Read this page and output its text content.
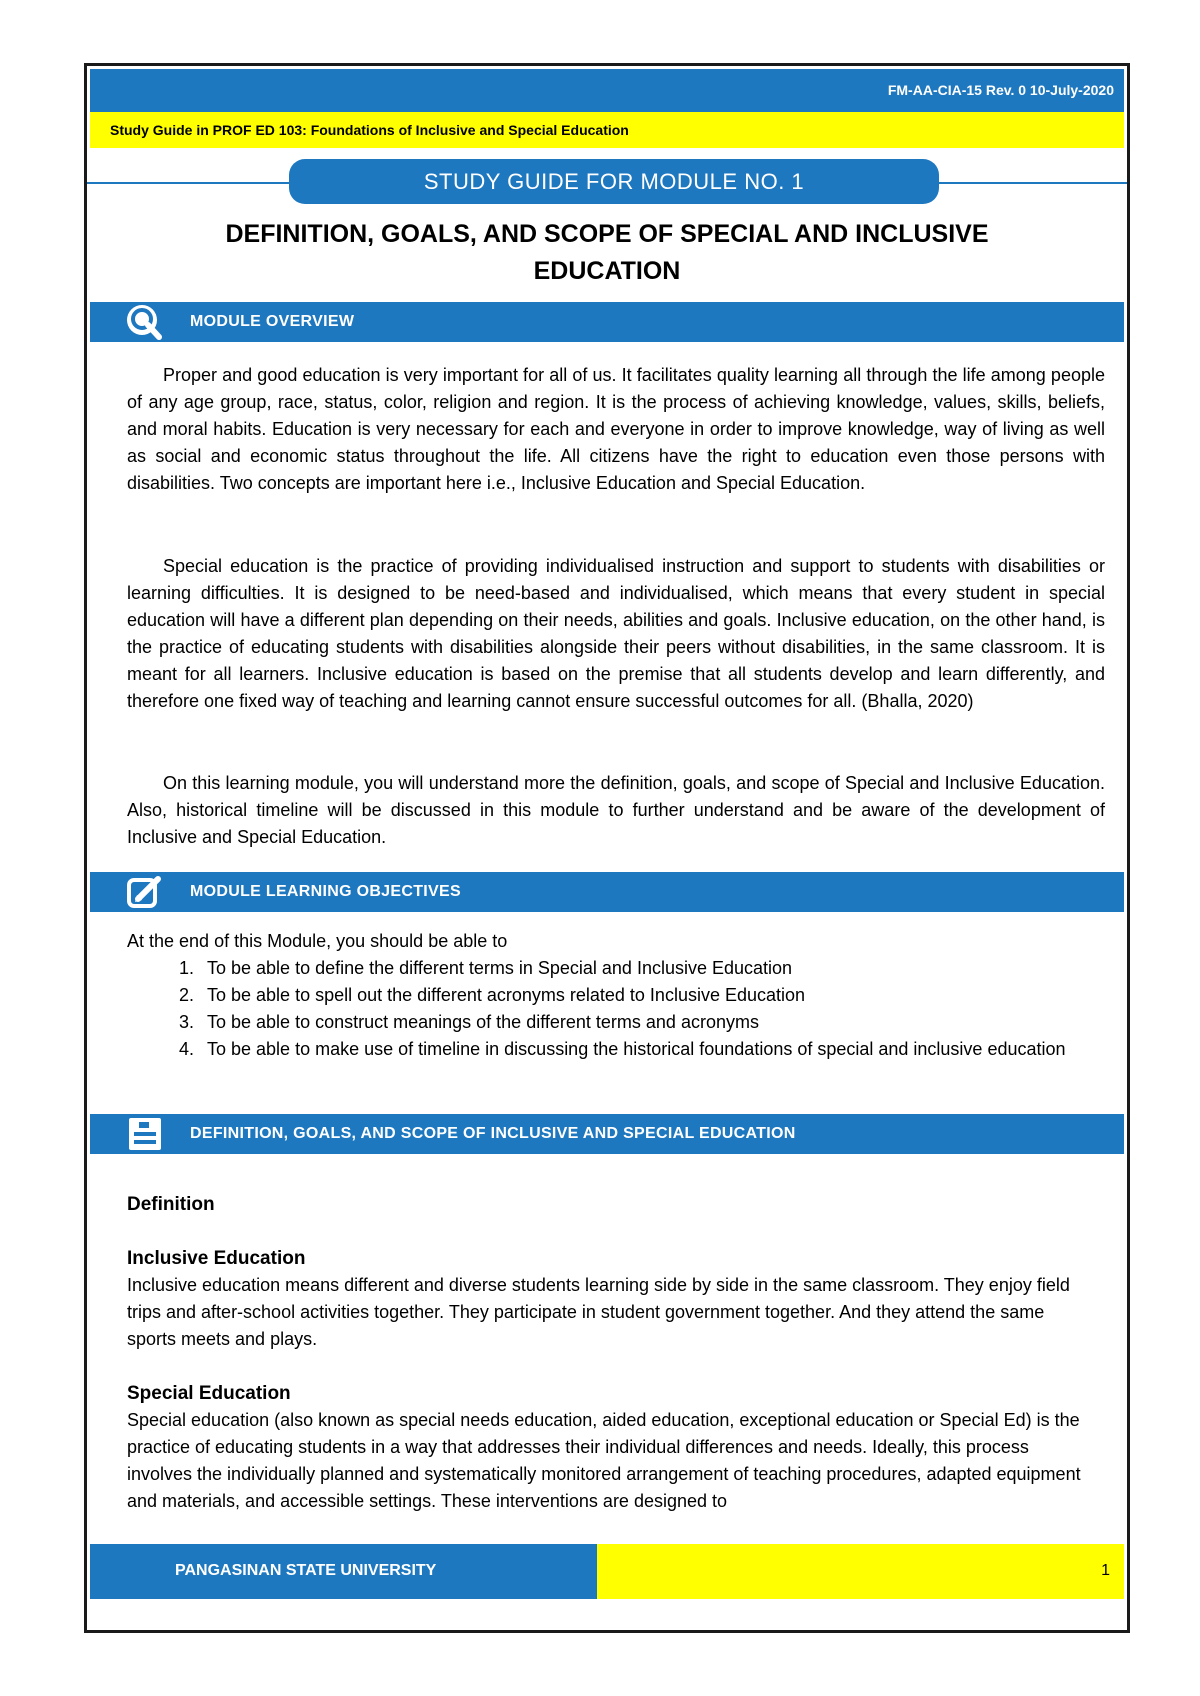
FM-AA-CIA-15 Rev. 0 10-July-2020
Study Guide in PROF ED 103: Foundations of Inclusive and Special Education
STUDY GUIDE FOR MODULE NO. 1
DEFINITION, GOALS, AND SCOPE OF SPECIAL AND INCLUSIVE
EDUCATION
MODULE OVERVIEW
Proper and good education is very important for all of us. It facilitates quality learning all through the life among people of any age group, race, status, color, religion and region. It is the process of achieving knowledge, values, skills, beliefs, and moral habits. Education is very necessary for each and everyone in order to improve knowledge, way of living as well as social and economic status throughout the life. All citizens have the right to education even those persons with disabilities. Two concepts are important here i.e., Inclusive Education and Special Education.
Special education is the practice of providing individualised instruction and support to students with disabilities or learning difficulties. It is designed to be need-based and individualised, which means that every student in special education will have a different plan depending on their needs, abilities and goals. Inclusive education, on the other hand, is the practice of educating students with disabilities alongside their peers without disabilities, in the same classroom. It is meant for all learners. Inclusive education is based on the premise that all students develop and learn differently, and therefore one fixed way of teaching and learning cannot ensure successful outcomes for all. (Bhalla, 2020)
On this learning module, you will understand more the definition, goals, and scope of Special and Inclusive Education. Also, historical timeline will be discussed in this module to further understand and be aware of the development of Inclusive and Special Education.
MODULE LEARNING OBJECTIVES
At the end of this Module, you should be able to
1. To be able to define the different terms in Special and Inclusive Education
2. To be able to spell out the different acronyms related to Inclusive Education
3. To be able to construct meanings of the different terms and acronyms
4. To be able to make use of timeline in discussing the historical foundations of special and inclusive education
DEFINITION, GOALS, AND SCOPE OF INCLUSIVE AND SPECIAL EDUCATION
Definition
Inclusive Education
Inclusive education means different and diverse students learning side by side in the same classroom. They enjoy field trips and after-school activities together. They participate in student government together. And they attend the same sports meets and plays.
Special Education
Special education (also known as special needs education, aided education, exceptional education or Special Ed) is the practice of educating students in a way that addresses their individual differences and needs. Ideally, this process involves the individually planned and systematically monitored arrangement of teaching procedures, adapted equipment and materials, and accessible settings. These interventions are designed to
PANGASINAN STATE UNIVERSITY	1
